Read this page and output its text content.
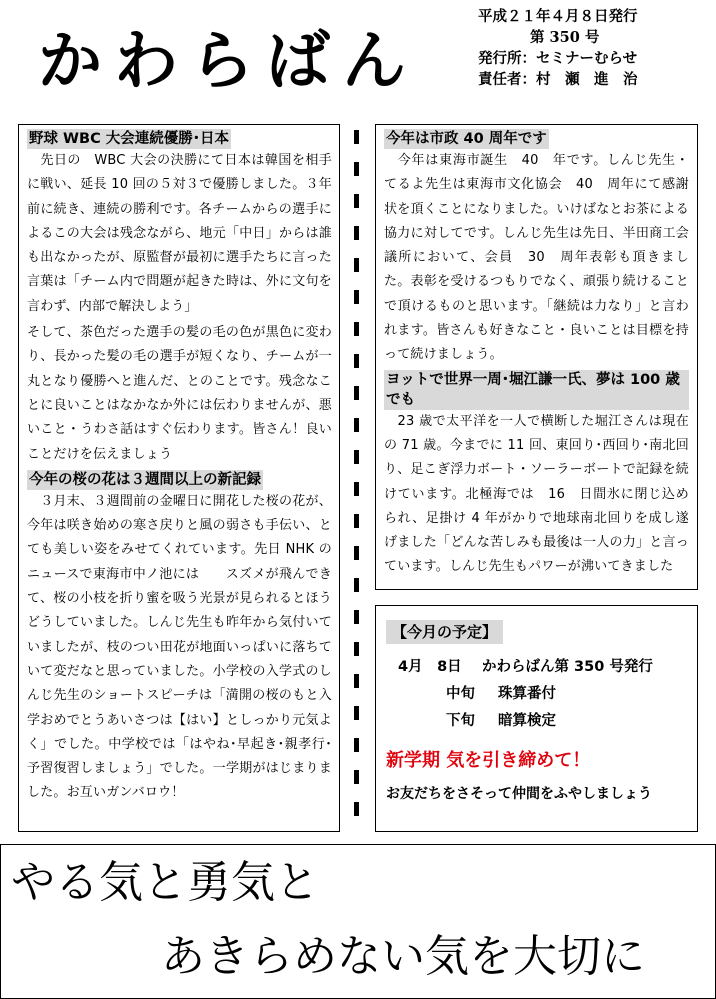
かわらばん
平成２１年４月８日発行
第 350 号
発行所：セミナーむらせ
責任者：村　瀬　進　治
野球 WBC 大会連続優勝･日本

　先日の　WBC 大会の決勝にて日本は韓国を相手に戦い、延長 10 回の５対３で優勝しました。３年前に続き、連続の勝利です。各チームからの選手によるこの大会は残念ながら、地元「中日」からは誰も出なかったが、原監督が最初に選手たちに言った言葉は「チーム内で問題が起きた時は、外に文句を言わず、内部で解決しよう」

そして、茶色だった選手の髪の毛の色が黒色に変わり、長かった髪の毛の選手が短くなり、チームが一丸となり優勝へと進んだ、とのことです。残念なことに良いことはなかなか外には伝わりませんが、悪いこと・うわさ話はすぐ伝わります。皆さん！良いことだけを伝えましょう

今年の桜の花は３週間以上の新記録

　３月末、３週間前の金曜日に開花した桜の花が、今年は咲き始めの寒さ戻りと風の弱さも手伝い、とても美しい姿をみせてくれています。先日 NHK のニュースで東海市中ノ池には　　スズメが飛んできて、桜の小枝を折り蜜を吸う光景が見られるとほうどうしていました。しんじ先生も昨年から気付いていましたが、枝のつい田花が地面いっぱいに落ちていて変だなと思っていました。小学校の入学式のしんじ先生のショートスピーチは「満開の桜のもと入学おめでとうあいさつは【はい】としっかり元気よく」でした。中学校では「はやね･早起き･親孝行･予習復習しましょう」でした。一学期がはじまりました。お互いガンバロウ！

今年は市政 40 周年です

　今年は東海市誕生　40　年です。しんじ先生・てるよ先生は東海市文化協会　40　周年にて感謝状を頂くことになりました。いけばなとお茶による協力に対してです。しんじ先生は先日、半田商工会議所において、会員　30　周年表彰も頂きました。表彰を受けるつもりでなく、頑張り続けることで頂けるものと思います。「継続は力なり」と言われます。皆さんも好きなこと・良いことは目標を持って続けましょう。

ヨットで世界一周･堀江謙一氏、夢は 100 歳でも

　23 歳で太平洋を一人で横断した堀江さんは現在の 71 歳。今までに 11 回、東回り･西回り･南北回り、足こぎ浮力ボート・ソーラーボートで記録を続けています。北極海では　16　日間氷に閉じ込められ、足掛け 4 年がかりで地球南北回りを成し遂げました「どんな苦しみも最後は一人の力」と言っています。しんじ先生もパワーが沸いてきました

【今月の予定】
4月　8日 かわらばん第 350 号発行
中旬 珠算番付
下旬 暗算検定
新学期 気を引き締めて！
お友だちをさそって仲間をふやしましょう
やる気と勇気と
あきらめない気を大切に
